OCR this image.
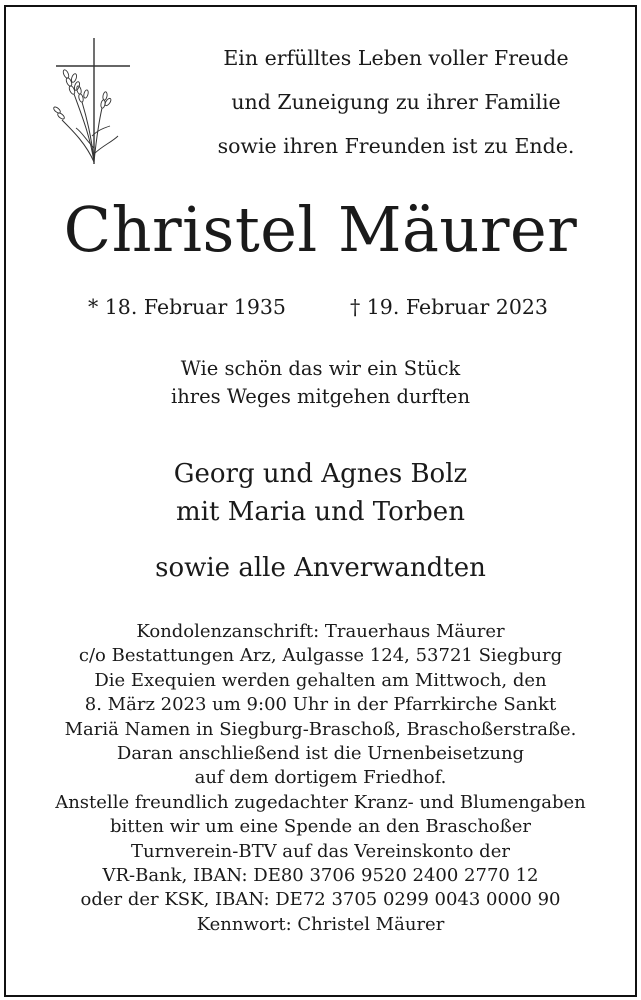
Ein erfülltes Leben voller Freude
und Zuneigung zu ihrer Familie
sowie ihren Freunden ist zu Ende.
Christel Mäurer
* 18. Februar 1935	† 19. Februar 2023
Wie schön das wir ein Stück
ihres Weges mitgehen durften
Georg und Agnes Bolz
mit Maria und Torben
sowie alle Anverwandten
Kondolenzanschrift: Trauerhaus Mäurer
c/o Bestattungen Arz, Aulgasse 124, 53721 Siegburg
Die Exequien werden gehalten am Mittwoch, den
8. März 2023 um 9:00 Uhr in der Pfarrkirche Sankt
Mariä Namen in Siegburg-Braschoß, Braschoßerstraße.
Daran anschließend ist die Urnenbeisetzung
auf dem dortigem Friedhof.
Anstelle freundlich zugedachter Kranz- und Blumengaben
bitten wir um eine Spende an den Braschoßer
Turnverein-BTV auf das Vereinskonto der
VR-Bank, IBAN: DE80 3706 9520 2400 2770 12
oder der KSK, IBAN: DE72 3705 0299 0043 0000 90
Kennwort: Christel Mäurer
